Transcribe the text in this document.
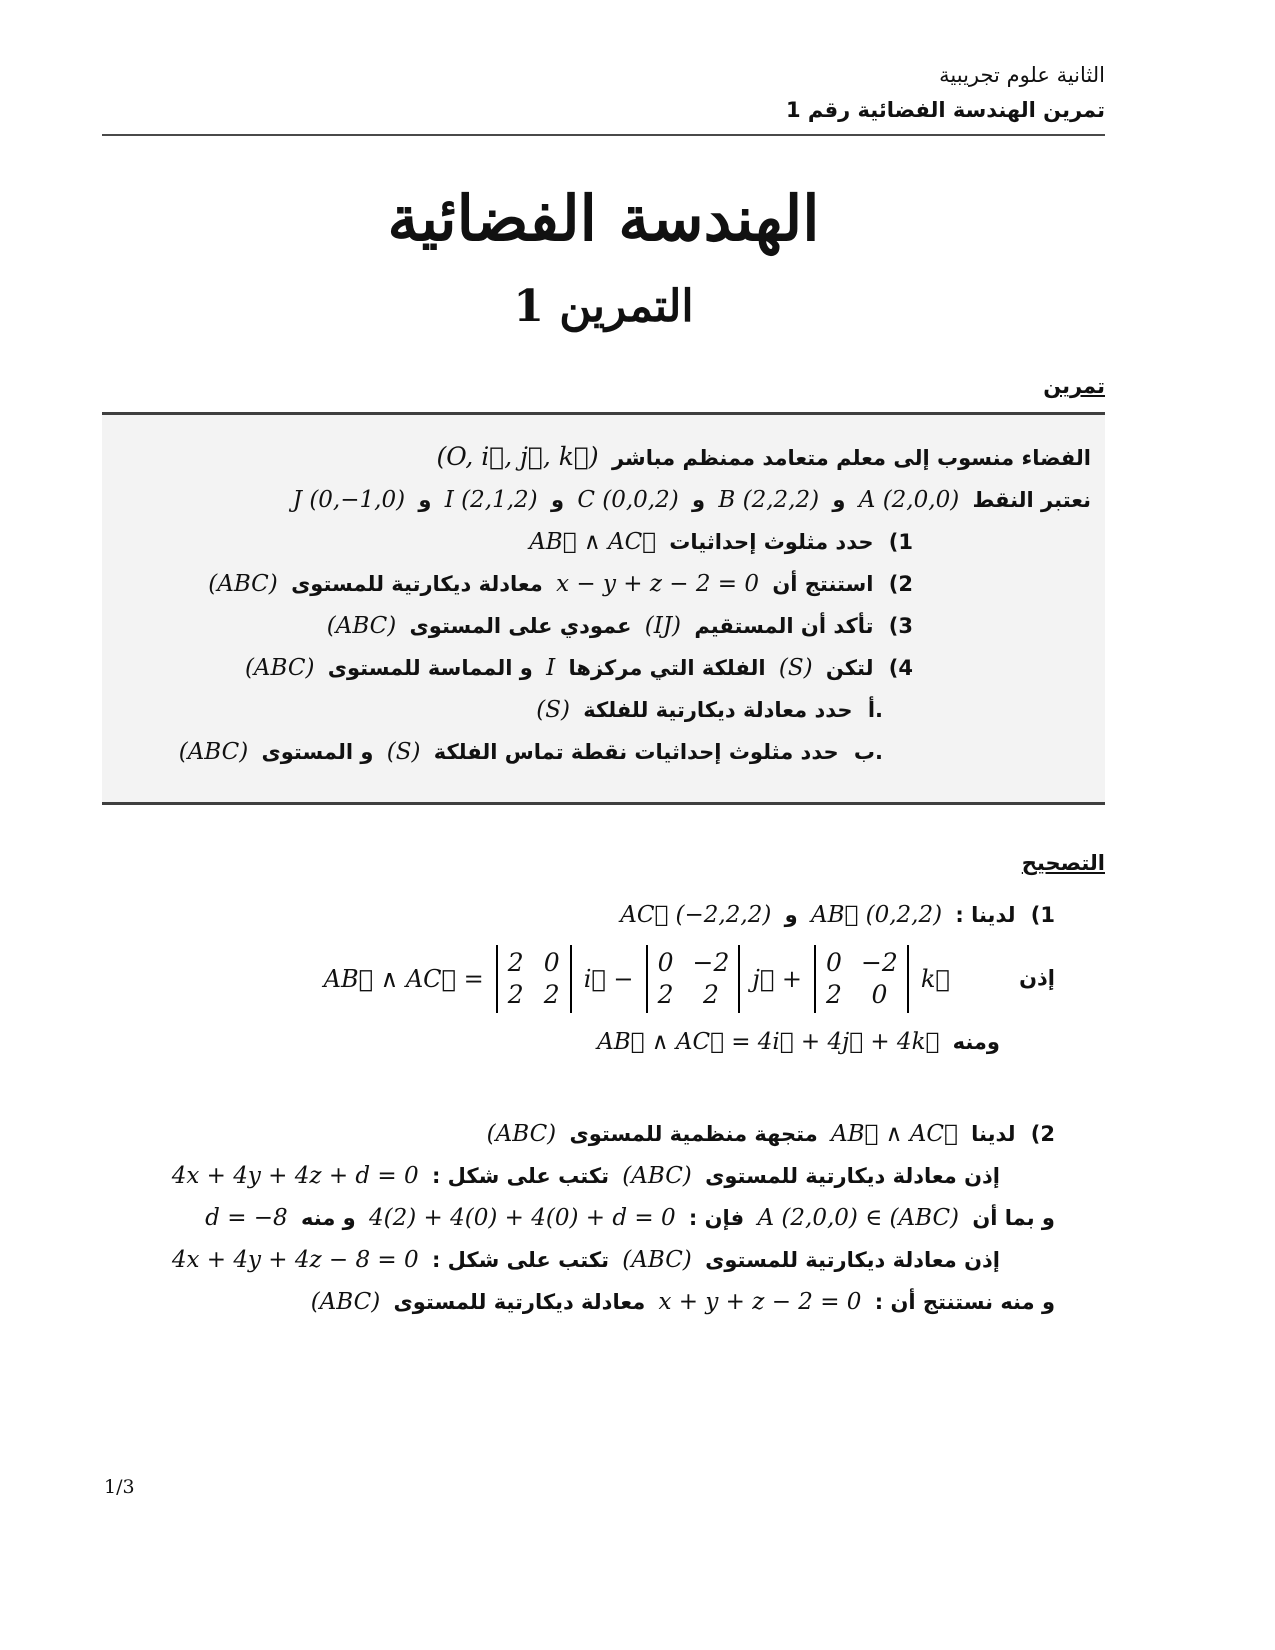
الثانية علوم تجريبية
تمرين الهندسة الفضائية رقم 1
الهندسة الفضائية
التمرين 1
تمرين

الفضاء منسوب إلى معلم متعامد ممنظم مباشر (O, i⃗, j⃗, k⃗)

نعتبر النقط A (2,0,0) و B (2,2,2) و C (0,0,2) و I (2,1,2) و J (0,−1,0)

(1 حدد مثلوث إحداثيات AB⃗ ∧ AC⃗

(2 استنتج أن x − y + z − 2 = 0 معادلة ديكارتية للمستوى (ABC)

(3 تأكد أن المستقيم (IJ) عمودي على المستوى (ABC)

(4 لتكن (S) الفلكة التي مركزها I و المماسة للمستوى (ABC)

أ. حدد معادلة ديكارتية للفلكة (S)

ب. حدد مثلوث إحداثيات نقطة تماس الفلكة (S) و المستوى (ABC)

التصحيح

(1 لدينا : AB⃗ (0,2,2) و AC⃗ (−2,2,2)

إذن
AB⃗ ∧ AC⃗ =
2 0
2 2
i⃗ −
0 −2
2	2
j⃗ +
0 −2
2	0
k⃗

ومنه AB⃗ ∧ AC⃗ = 4i⃗ + 4j⃗ + 4k⃗

(2 لدينا AB⃗ ∧ AC⃗ متجهة منظمية للمستوى (ABC)

إذن معادلة ديكارتية للمستوى (ABC) تكتب على شكل : 4x + 4y + 4z + d = 0

و بما أن A (2,0,0) ∈ (ABC) فإن : 4(2) + 4(0) + 4(0) + d = 0 و منه d = −8

إذن معادلة ديكارتية للمستوى (ABC) تكتب على شكل : 4x + 4y + 4z − 8 = 0

و منه نستنتج أن : x + y + z − 2 = 0 معادلة ديكارتية للمستوى (ABC)

1/3
